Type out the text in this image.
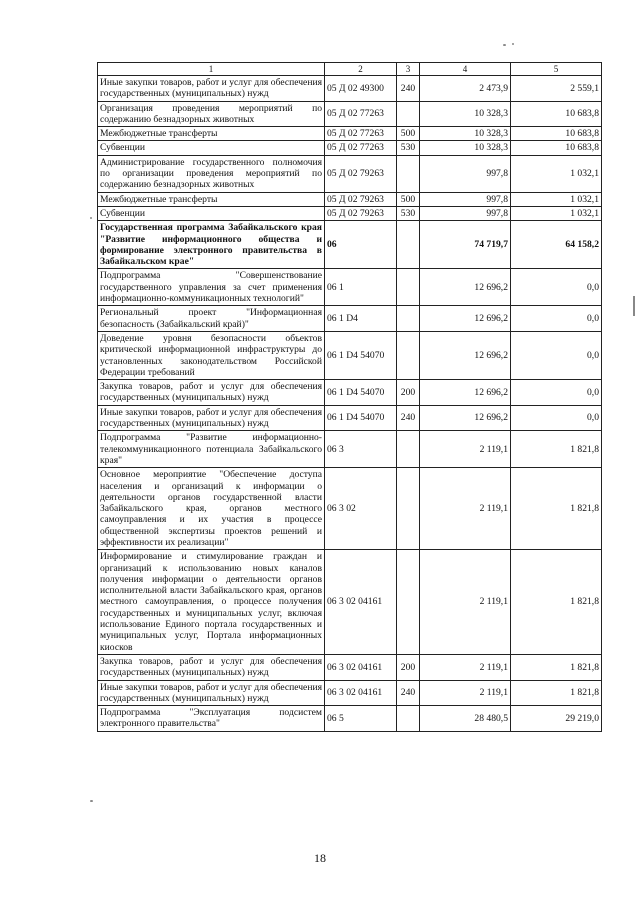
1	2	3	4	5
Иные закупки товаров, работ и услуг для обеспечения государственных (муниципальных) нужд	05 Д 02 49300	240	2 473,9	2 559,1
Организация проведения мероприятий по содержанию безнадзорных животных	05 Д 02 77263		10 328,3	10 683,8
Межбюджетные трансферты	05 Д 02 77263	500	10 328,3	10 683,8
Субвенции	05 Д 02 77263	530	10 328,3	10 683,8
Администрирование государственного полномочия по организации проведения мероприятий по содержанию безнадзорных животных	05 Д 02 79263		997,8	1 032,1
Межбюджетные трансферты	05 Д 02 79263	500	997,8	1 032,1
Субвенции	05 Д 02 79263	530	997,8	1 032,1
Государственная программа Забайкальского края "Развитие информационного общества и формирование электронного правительства в Забайкальском крае"	06		74 719,7	64 158,2
Подпрограмма "Совершенствование государственного управления за счет применения информационно-коммуникационных технологий"	06 1		12 696,2	0,0
Региональный проект "Информационная безопасность (Забайкальский край)"	06 1 D4		12 696,2	0,0
Доведение уровня безопасности объектов критической информационной инфраструктуры до установленных законодательством Российской Федерации требований	06 1 D4 54070		12 696,2	0,0
Закупка товаров, работ и услуг для обеспечения государственных (муниципальных) нужд	06 1 D4 54070	200	12 696,2	0,0
Иные закупки товаров, работ и услуг для обеспечения государственных (муниципальных) нужд	06 1 D4 54070	240	12 696,2	0,0
Подпрограмма "Развитие информационно-телекоммуникационного потенциала Забайкальского края"	06 3		2 119,1	1 821,8
Основное мероприятие "Обеспечение доступа населения и организаций к информации о деятельности органов государственной власти Забайкальского края, органов местного самоуправления и их участия в процессе общественной экспертизы проектов решений и эффективности их реализации"	06 3 02		2 119,1	1 821,8
Информирование и стимулирование граждан и организаций к использованию новых каналов получения информации о деятельности органов исполнительной власти Забайкальского края, органов местного самоуправления, о процессе получения государственных и муниципальных услуг, включая использование Единого портала государственных и муниципальных услуг, Портала информационных киосков	06 3 02 04161		2 119,1	1 821,8
Закупка товаров, работ и услуг для обеспечения государственных (муниципальных) нужд	06 3 02 04161	200	2 119,1	1 821,8
Иные закупки товаров, работ и услуг для обеспечения государственных (муниципальных) нужд	06 3 02 04161	240	2 119,1	1 821,8
Подпрограмма "Эксплуатация подсистем электронного правительства"	06 5		28 480,5	29 219,0
18
